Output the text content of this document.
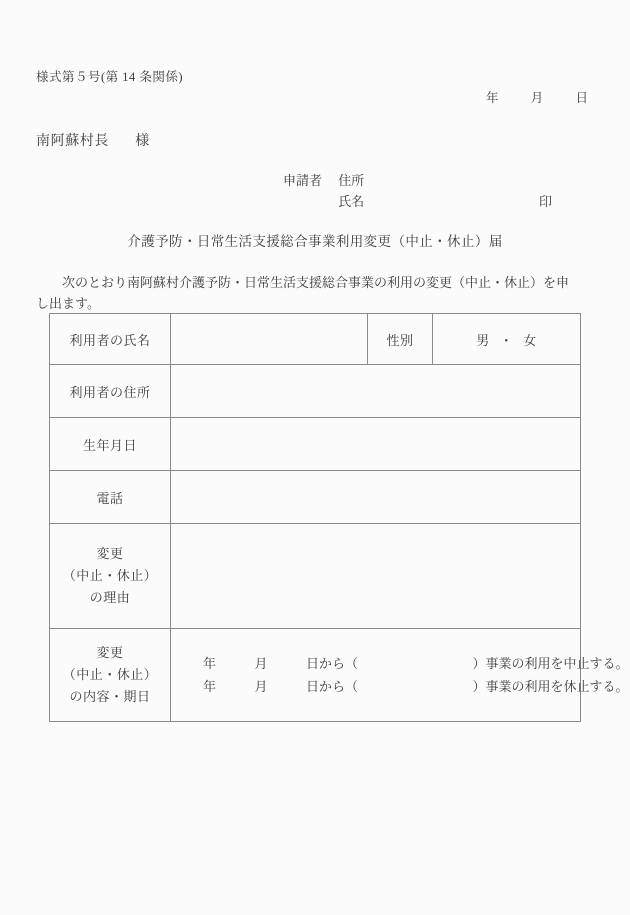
様式第５号(第 14 条関係)
年	月	日
南阿蘇村長 様
申請者 住所
氏名	印
介護予防・日常生活支援総合事業利用変更（中止・休止）届
次のとおり南阿蘇村介護予防・日常生活支援総合事業の利用の変更（中止・休止）を申
し出ます。
利用者の氏名		性別	男 ・ 女
利用者の住所			
生年月日			
電話			

変更
（中止・休止）
の理由			

変更
（中止・休止）
の内容・期日

年	月	日から（	）事業の利用を中止する。
年	月	日から（	）事業の利用を休止する。
